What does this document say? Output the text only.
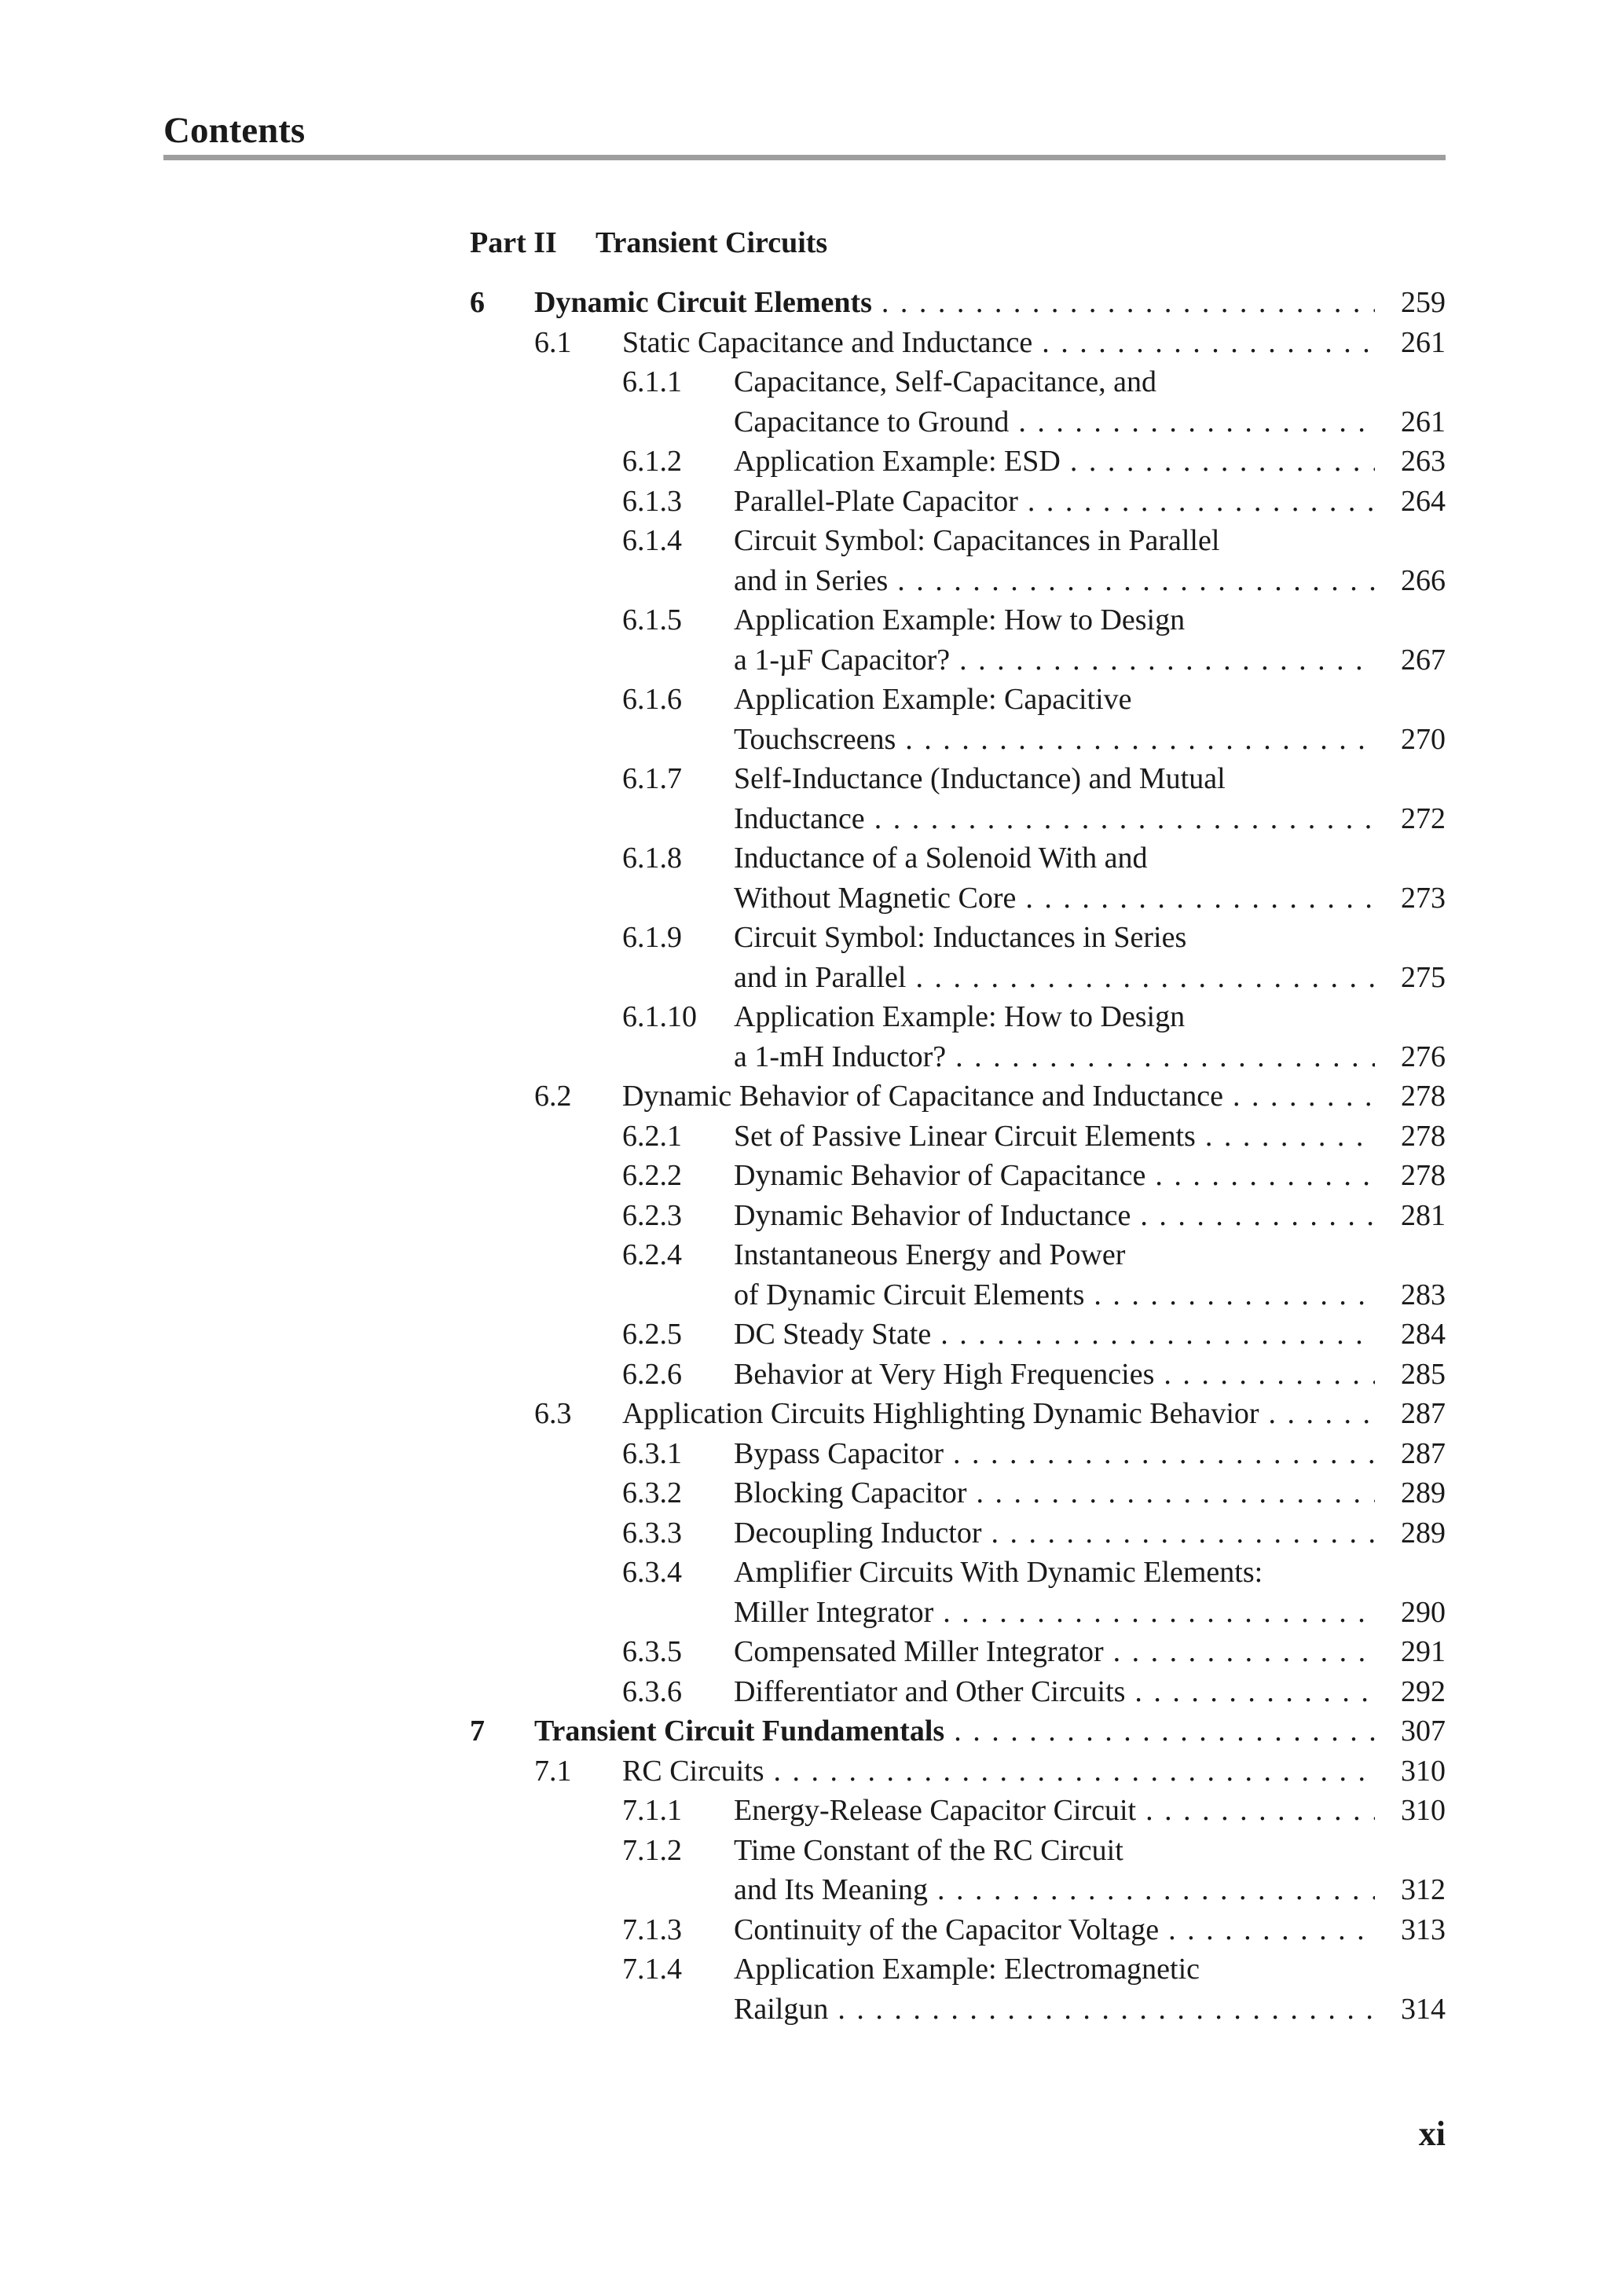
Contents
Part II Transient Circuits
6 Dynamic Circuit Elements . . .	259
6.1 Static Capacitance and Inductance . . .	261
6.1.1 Capacitance, Self-Capacitance, and
Capacitance to Ground . . .	261
6.1.2 Application Example: ESD . . .	263
6.1.3 Parallel-Plate Capacitor . . .	264
6.1.4 Circuit Symbol: Capacitances in Parallel
and in Series . . .	266
6.1.5 Application Example: How to Design
a 1-µF Capacitor? . . .	267
6.1.6 Application Example: Capacitive
Touchscreens . . .	270
6.1.7 Self-Inductance (Inductance) and Mutual
Inductance . . .	272
6.1.8 Inductance of a Solenoid With and
Without Magnetic Core . . .	273
6.1.9 Circuit Symbol: Inductances in Series
and in Parallel . . .	275
6.1.10 Application Example: How to Design
a 1-mH Inductor? . . .	276
6.2 Dynamic Behavior of Capacitance and Inductance . . .	278
6.2.1 Set of Passive Linear Circuit Elements . . .	278
6.2.2 Dynamic Behavior of Capacitance . . .	278
6.2.3 Dynamic Behavior of Inductance . . .	281
6.2.4 Instantaneous Energy and Power
of Dynamic Circuit Elements . . .	283
6.2.5 DC Steady State . . .	284
6.2.6 Behavior at Very High Frequencies . . .	285
6.3 Application Circuits Highlighting Dynamic Behavior . . .	287
6.3.1 Bypass Capacitor . . .	287
6.3.2 Blocking Capacitor . . .	289
6.3.3 Decoupling Inductor . . .	289
6.3.4 Amplifier Circuits With Dynamic Elements:
Miller Integrator . . .	290
6.3.5 Compensated Miller Integrator . . .	291
6.3.6 Differentiator and Other Circuits . . .	292
7 Transient Circuit Fundamentals . . .	307
7.1 RC Circuits . . .	310
7.1.1 Energy-Release Capacitor Circuit . . .	310
7.1.2 Time Constant of the RC Circuit
and Its Meaning . . .	312
7.1.3 Continuity of the Capacitor Voltage . . .	313
7.1.4 Application Example: Electromagnetic
Railgun . . .	314
xi
